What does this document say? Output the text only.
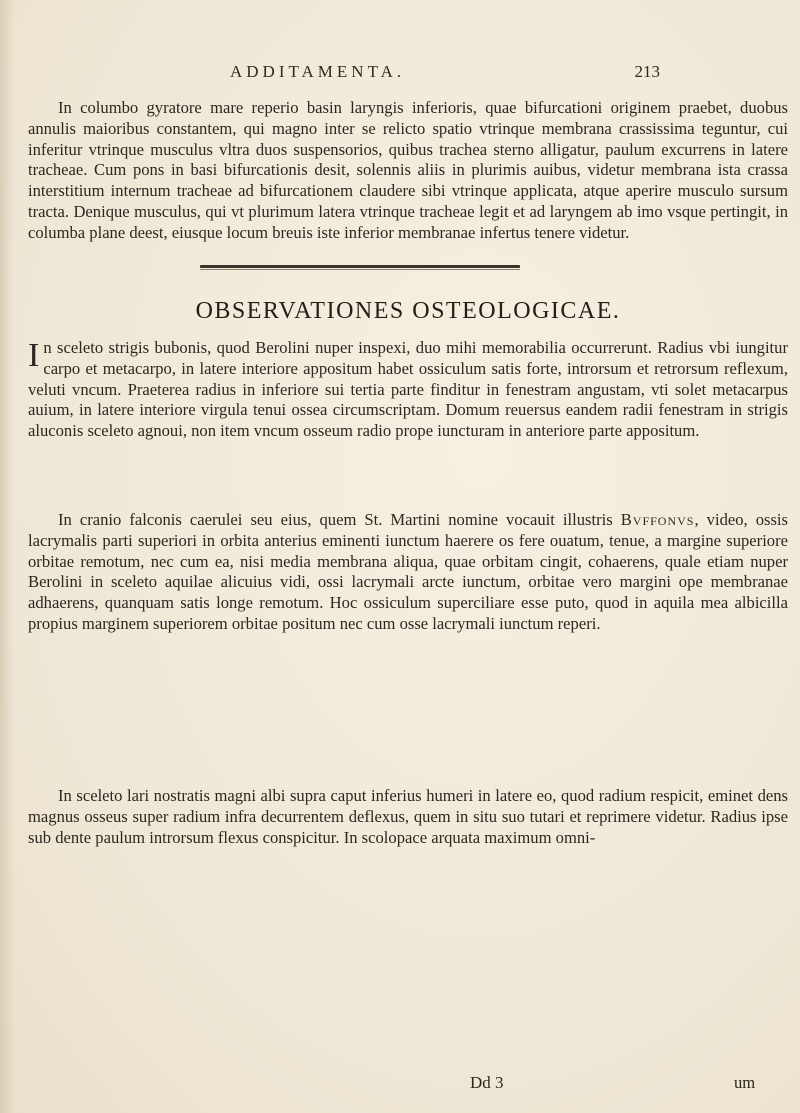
ADDITAMENTA.	213

In columbo gyratore mare reperio basin laryngis inferioris, quae bifurcationi originem praebet, duobus annulis maioribus constantem, qui magno inter se relicto spatio vtrinque membrana crassissima teguntur, cui inferitur vtrinque musculus vltra duos suspensorios, quibus trachea sterno alligatur, paulum excurrens in latere tracheae. Cum pons in basi bifurcationis desit, solennis aliis in plurimis auibus, videtur membrana ista crassa interstitium internum tracheae ad bifurcationem claudere sibi vtrinque applicata, atque aperire musculo sursum tracta. Denique musculus, qui vt plurimum latera vtrinque tracheae legit et ad laryngem ab imo vsque pertingit, in columba plane deest, eiusque locum breuis iste inferior membranae infertus tenere videtur.

OBSERVATIONES OSTEOLOGICAE.

In sceleto strigis bubonis, quod Berolini nuper inspexi, duo mihi memorabilia occurrerunt. Radius vbi iungitur carpo et metacarpo, in latere interiore appositum habet ossiculum satis forte, introrsum et retrorsum reflexum, veluti vncum. Praeterea radius in inferiore sui tertia parte finditur in fenestram angustam, vti solet metacarpus auium, in latere interiore virgula tenui ossea circumscriptam. Domum reuersus eandem radii fenestram in strigis aluconis sceleto agnoui, non item vncum osseum radio prope iuncturam in anteriore parte appositum.

In cranio falconis caerulei seu eius, quem St. Martini nomine vocauit illustris Bvffonvs, video, ossis lacrymalis parti superiori in orbita anterius eminenti iunctum haerere os fere ouatum, tenue, a margine superiore orbitae remotum, nec cum ea, nisi media membrana aliqua, quae orbitam cingit, cohaerens, quale etiam nuper Berolini in sceleto aquilae alicuius vidi, ossi lacrymali arcte iunctum, orbitae vero margini ope membranae adhaerens, quanquam satis longe remotum. Hoc ossiculum superciliare esse puto, quod in aquila mea albicilla propius marginem superiorem orbitae positum nec cum osse lacrymali iunctum reperi.

In sceleto lari nostratis magni albi supra caput inferius humeri in latere eo, quod radium respicit, eminet dens magnus osseus super radium infra decurrentem deflexus, quem in situ suo tutari et reprimere videtur. Radius ipse sub dente paulum introrsum flexus conspicitur. In scolopace arquata maximum omni-

Dd 3	um
